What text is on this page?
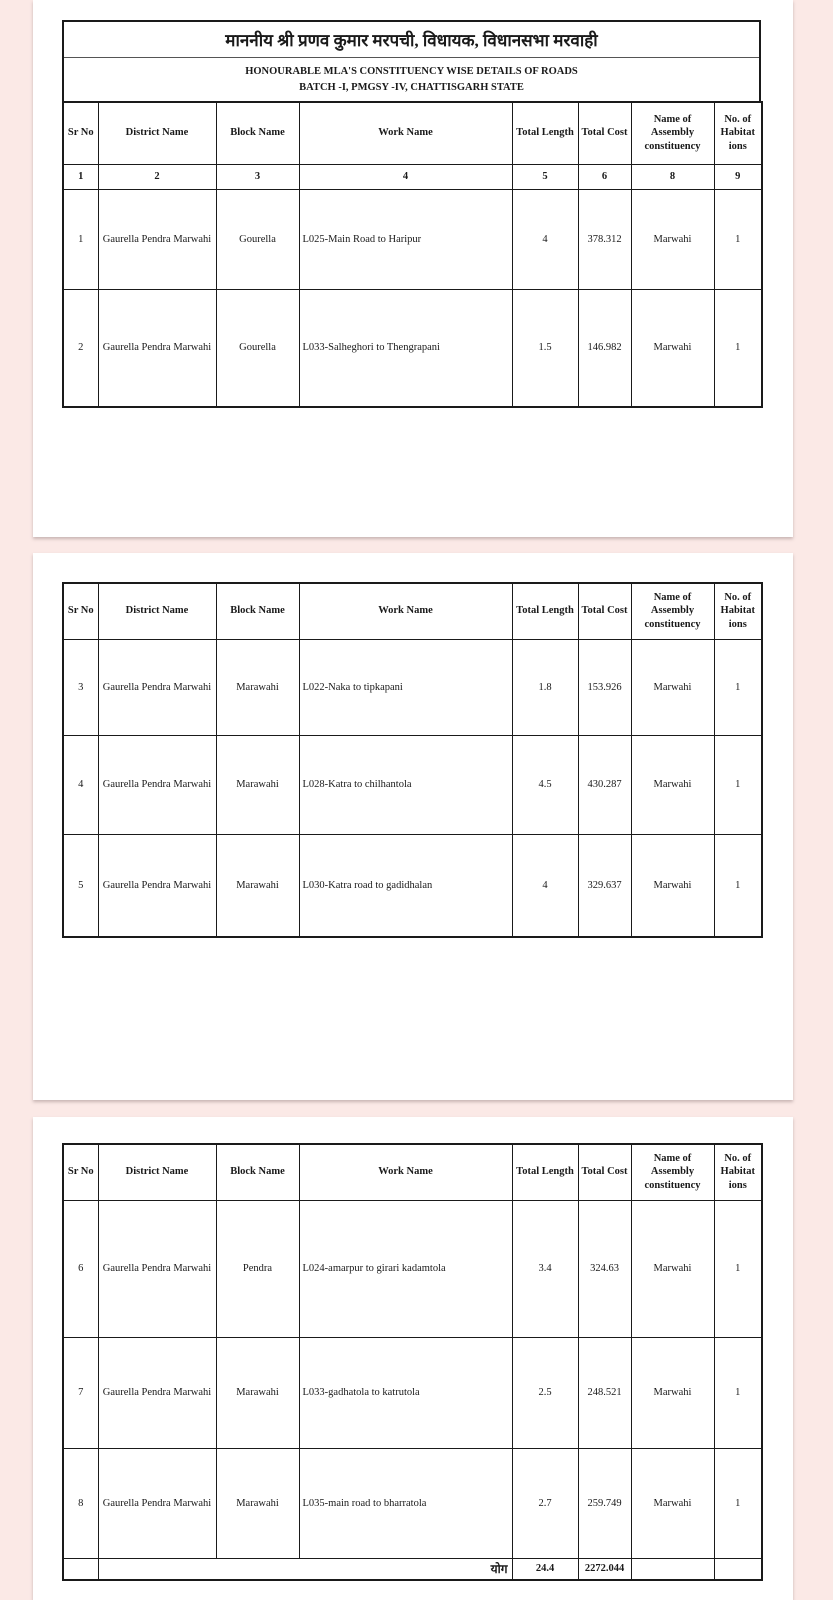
माननीय श्री प्रणव कुमार मरपची, विधायक, विधानसभा मरवाही
HONOURABLE MLA'S CONSTITUENCY WISE DETAILS OF ROADS
BATCH -I, PMGSY -IV, CHATTISGARH STATE
Sr No	District Name	Block Name	Work Name	Total Length	Total Cost	Name of Assembly constituency	No. of Habitat ions
1	2	3	4	5	6	8	9
1	Gaurella Pendra Marwahi	Gourella	L025-Main Road to Haripur	4	378.312	Marwahi	1
2	Gaurella Pendra Marwahi	Gourella	L033-Salheghori to Thengrapani	1.5	146.982	Marwahi	1
Sr No	District Name	Block Name	Work Name	Total Length	Total Cost	Name of Assembly constituency	No. of Habitat ions
3	Gaurella Pendra Marwahi	Marawahi	L022-Naka to tipkapani	1.8	153.926	Marwahi	1
4	Gaurella Pendra Marwahi	Marawahi	L028-Katra to chilhantola	4.5	430.287	Marwahi	1
5	Gaurella Pendra Marwahi	Marawahi	L030-Katra road to gadidhalan	4	329.637	Marwahi	1
Sr No	District Name	Block Name	Work Name	Total Length	Total Cost	Name of Assembly constituency	No. of Habitat ions
6	Gaurella Pendra Marwahi	Pendra	L024-amarpur to girari kadamtola	3.4	324.63	Marwahi	1
7	Gaurella Pendra Marwahi	Marawahi	L033-gadhatola to katrutola	2.5	248.521	Marwahi	1
8	Gaurella Pendra Marwahi	Marawahi	L035-main road to bharratola	2.7	259.749	Marwahi	1
	योग			24.4	2272.044		
